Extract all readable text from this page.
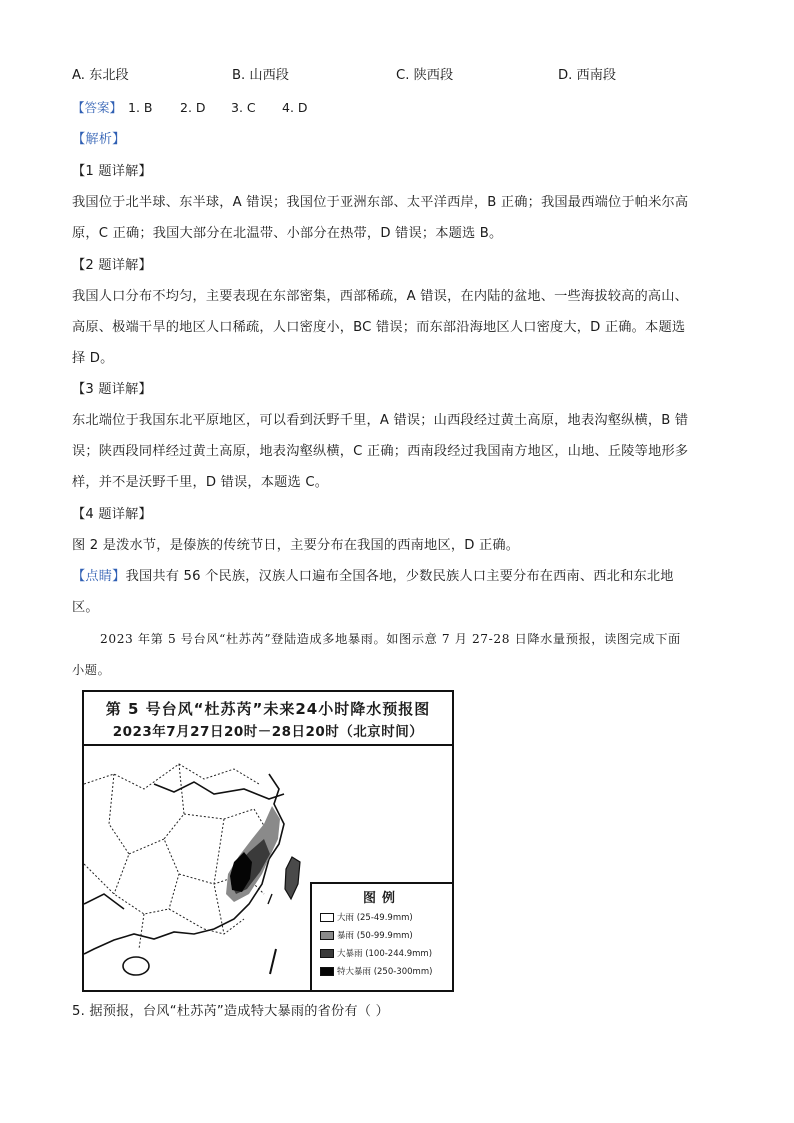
A. 东北段	B. 山西段	C. 陕西段	D. 西南段
【答案】 1. B 2. D 3. C 4. D
【解析】
【1 题详解】
我国位于北半球、东半球，A 错误；我国位于亚洲东部、太平洋西岸，B 正确；我国最西端位于帕米尔高
原，C 正确；我国大部分在北温带、小部分在热带，D 错误；本题选 B。
【2 题详解】
我国人口分布不均匀，主要表现在东部密集，西部稀疏，A 错误，在内陆的盆地、一些海拔较高的高山、
高原、极端干旱的地区人口稀疏，人口密度小，BC 错误；而东部沿海地区人口密度大，D 正确。本题选
择 D。
【3 题详解】
东北端位于我国东北平原地区，可以看到沃野千里，A 错误；山西段经过黄土高原，地表沟壑纵横，B 错
误；陕西段同样经过黄土高原，地表沟壑纵横，C 正确；西南段经过我国南方地区，山地、丘陵等地形多
样，并不是沃野千里，D 错误，本题选 C。
【4 题详解】
图 2 是泼水节，是傣族的传统节日，主要分布在我国的西南地区，D 正确。
【点睛】我国共有 56 个民族，汉族人口遍布全国各地，少数民族人口主要分布在西南、西北和东北地
区。
2023 年第 5 号台风“杜苏芮”登陆造成多地暴雨。如图示意 7 月 27-28 日降水量预报，读图完成下面
小题。
第 5 号台风“杜苏芮”未来24小时降水预报图
2023年7月27日20时－28日20时（北京时间）
图例
大雨 (25-49.9mm)
暴雨 (50-99.9mm)
大暴雨 (100-244.9mm)
特大暴雨 (250-300mm)
5. 据预报，台风“杜苏芮”造成特大暴雨的省份有（ ）
